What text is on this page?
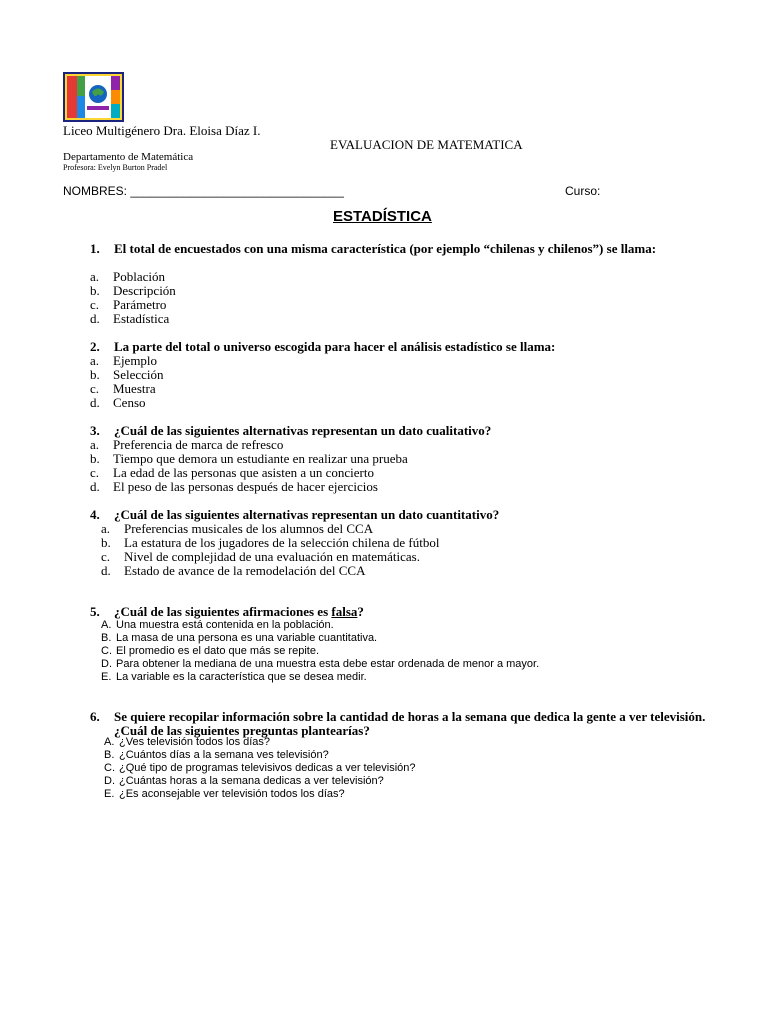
Liceo Multigénero Dra. Eloisa Díaz I.
EVALUACION DE MATEMATICA
Departamento de Matemática
Profesora: Evelyn Burton Pradel
NOMBRES: ________________________________	Curso:
ESTADÍSTICA
1. El total de encuestados con una misma característica (por ejemplo “chilenas y chilenos”) se llama:
a. Población
b. Descripción
c. Parámetro
d. Estadística
2. La parte del total o universo escogida para hacer el análisis estadístico se llama:
a. Ejemplo
b. Selección
c. Muestra
d. Censo
3. ¿Cuál de las siguientes alternativas representan un dato cualitativo?
a. Preferencia de marca de refresco
b. Tiempo que demora un estudiante en realizar una prueba
c. La edad de las personas que asisten a un concierto
d. El peso de las personas después de hacer ejercicios
4. ¿Cuál de las siguientes alternativas representan un dato cuantitativo?
a. Preferencias musicales de los alumnos del CCA
b. La estatura de los jugadores de la selección chilena de fútbol
c. Nivel de complejidad de una evaluación en matemáticas.
d. Estado de avance de la remodelación del CCA
5. ¿Cuál de las siguientes afirmaciones es falsa?
A. Una muestra está contenida en la población.
B. La masa de una persona es una variable cuantitativa.
C. El promedio es el dato que más se repite.
D. Para obtener la mediana de una muestra esta debe estar ordenada de menor a mayor.
E. La variable es la característica que se desea medir.
6. Se quiere recopilar información sobre la cantidad de horas a la semana que dedica la gente a ver televisión. ¿Cuál de las siguientes preguntas plantearías?
A. ¿Ves televisión todos los días?
B. ¿Cuántos días a la semana ves televisión?
C. ¿Qué tipo de programas televisivos dedicas a ver televisión?
D. ¿Cuántas horas a la semana dedicas a ver televisión?
E. ¿Es aconsejable ver televisión todos los días?
